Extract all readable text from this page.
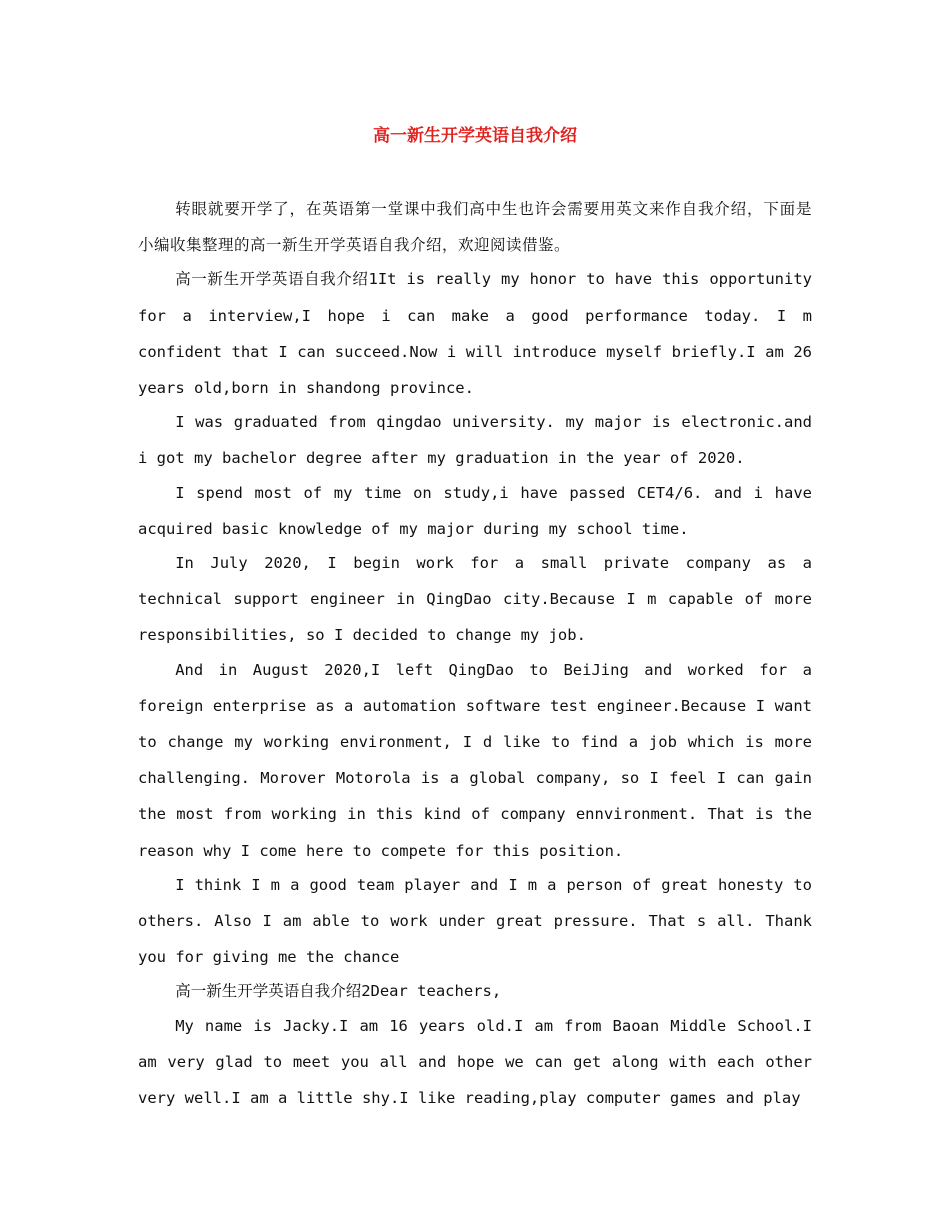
高一新生开学英语自我介绍

转眼就要开学了，在英语第一堂课中我们高中生也许会需要用英文来作自我介绍，下面是小编收集整理的高一新生开学英语自我介绍，欢迎阅读借鉴。

高一新生开学英语自我介绍1It is really my honor to have this opportunity for a interview,I hope i can make a good performance today. I m confident that I can succeed.Now i will introduce myself briefly.I am 26 years old,born in shandong province.

I was graduated from qingdao university. my major is electronic.and i got my bachelor degree after my graduation in the year of 2020.

I spend most of my time on study,i have passed CET4/6. and i have acquired basic knowledge of my major during my school time.

In July 2020, I begin work for a small private company as a technical support engineer in QingDao city.Because I m capable of more responsibilities, so I decided to change my job.

And in August 2020,I left QingDao to BeiJing and worked for a foreign enterprise as a automation software test engineer.Because I want to change my working environment, I d like to find a job which is more challenging. Morover Motorola is a global company, so I feel I can gain the most from working in this kind of company ennvironment. That is the reason why I come here to compete for this position.

I think I m a good team player and I m a person of great honesty to others. Also I am able to work under great pressure. That s all. Thank you for giving me the chance

高一新生开学英语自我介绍2Dear teachers,

My name is Jacky.I am 16 years old.I am from Baoan Middle School.I am very glad to meet you all and hope we can get along with each other very well.I am a little shy.I like reading,play computer games and play
